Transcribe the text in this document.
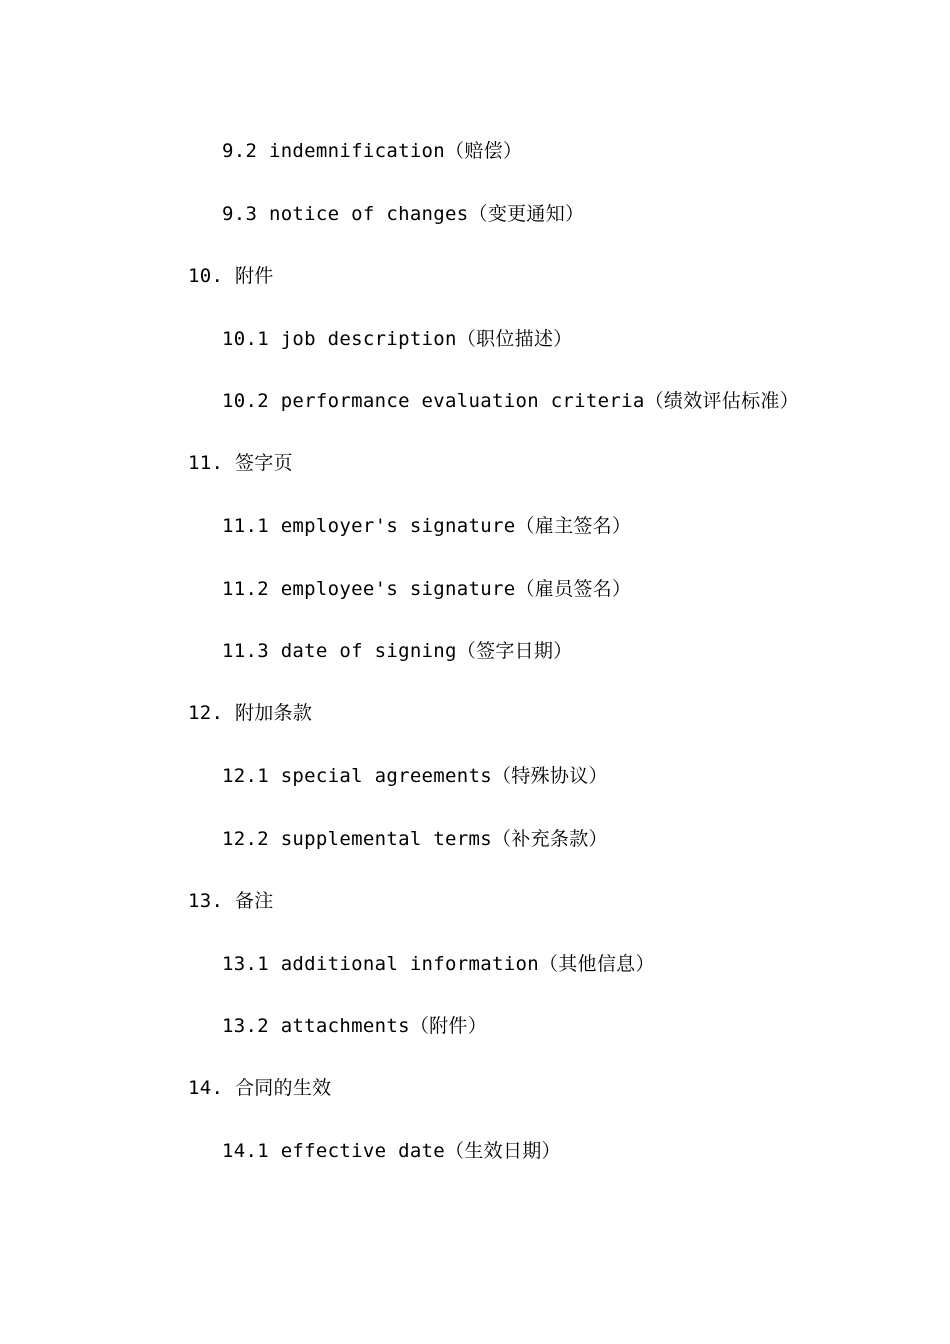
9.2 indemnification（赔偿）
9.3 notice of changes（变更通知）
10. 附件
10.1 job description（职位描述）
10.2 performance evaluation criteria（绩效评估标准）
11. 签字页
11.1 employer's signature（雇主签名）
11.2 employee's signature（雇员签名）
11.3 date of signing（签字日期）
12. 附加条款
12.1 special agreements（特殊协议）
12.2 supplemental terms（补充条款）
13. 备注
13.1 additional information（其他信息）
13.2 attachments（附件）
14. 合同的生效
14.1 effective date（生效日期）
